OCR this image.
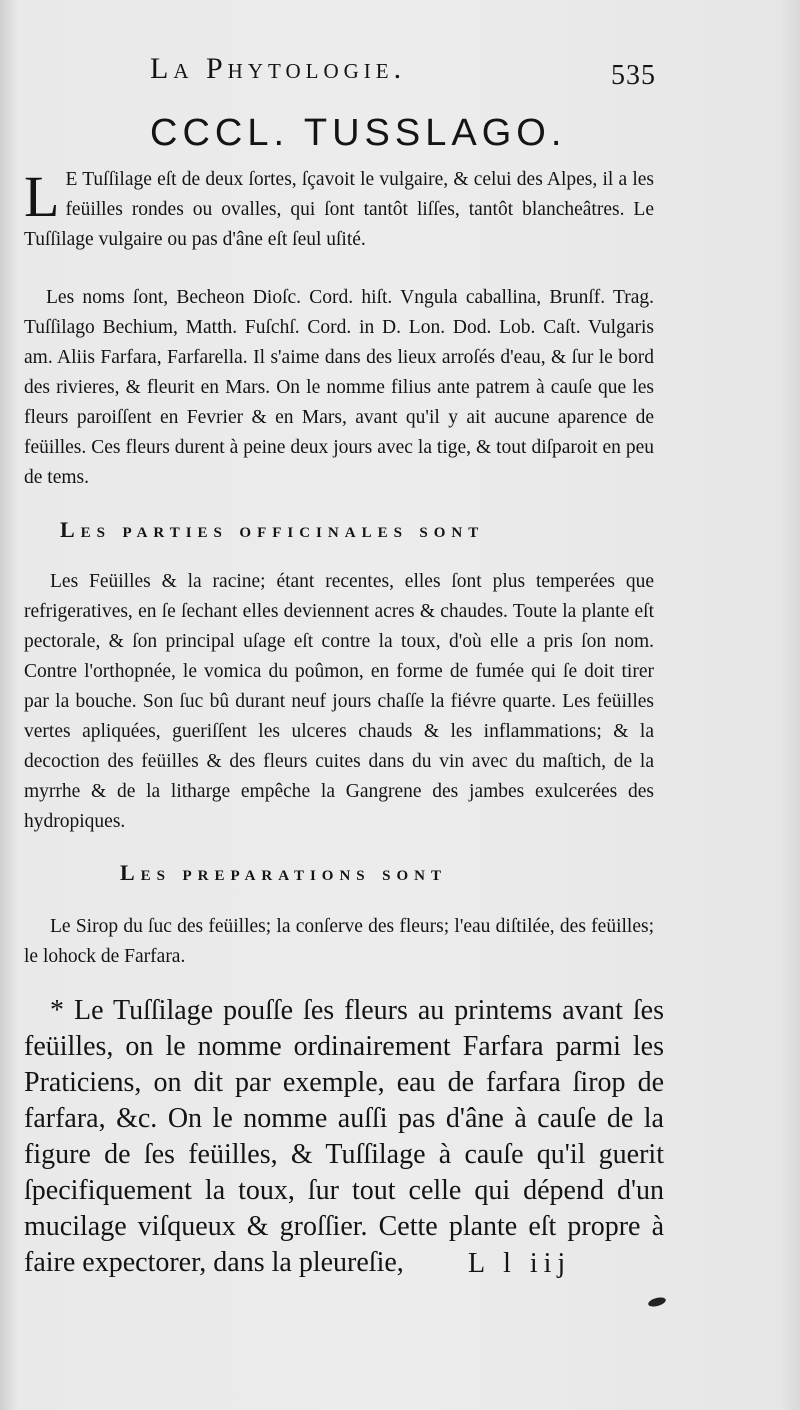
La Phytologie.	535
CCCL. TUSSLAGO.
L E Tuſſilage eſt de deux ſortes, ſçavoit le vulgaire, & celui des Alpes, il a les feüilles rondes ou ovalles, qui ſont tantôt liſſes, tantôt blancheâtres. Le Tuſſilage vulgaire ou pas d'âne eſt ſeul uſité.
Les noms ſont, Becheon Dioſc. Cord. hiſt. Vngula caballina, Brunſf. Trag. Tuſſilago Bechium, Matth. Fuſchſ. Cord. in D. Lon. Dod. Lob. Caſt. Vulgaris am. Aliis Farfara, Farfarella. Il s'aime dans des lieux arroſés d'eau, & ſur le bord des rivieres, & fleurit en Mars. On le nomme filius ante patrem à cauſe que les fleurs paroiſſent en Fevrier & en Mars, avant qu'il y ait aucune aparence de feüilles. Ces fleurs durent à peine deux jours avec la tige, & tout diſparoit en peu de tems.
Les parties officinales sont
Les Feüilles & la racine; étant recentes, elles ſont plus temperées que refrigeratives, en ſe ſechant elles deviennent acres & chaudes. Toute la plante eſt pectorale, & ſon principal uſage eſt contre la toux, d'où elle a pris ſon nom. Contre l'orthopnée, le vomica du poûmon, en forme de fumée qui ſe doit tirer par la bouche. Son ſuc bû durant neuf jours chaſſe la fiévre quarte. Les feüilles vertes apliquées, gueriſſent les ulceres chauds & les inflammations; & la decoction des feüilles & des fleurs cuites dans du vin avec du maſtich, de la myrrhe & de la litharge empêche la Gangrene des jambes exulcerées des hydropiques.
Les preparations sont
Le Sirop du ſuc des feüilles; la conſerve des fleurs; l'eau diſtilée, des feüilles; le lohock de Farfara.
* Le Tuſſilage pouſſe ſes fleurs au printems avant ſes feüilles, on le nomme ordinairement Farfara parmi les Praticiens, on dit par exemple, eau de farfara ſirop de farfara, &c. On le nomme auſſi pas d'âne à cauſe de la figure de ſes feüilles, & Tuſſilage à cauſe qu'il guerit ſpecifiquement la toux, ſur tout celle qui dépend d'un mucilage viſqueux & groſſier. Cette plante eſt propre à faire expectorer, dans la pleureſie,	L l iij
